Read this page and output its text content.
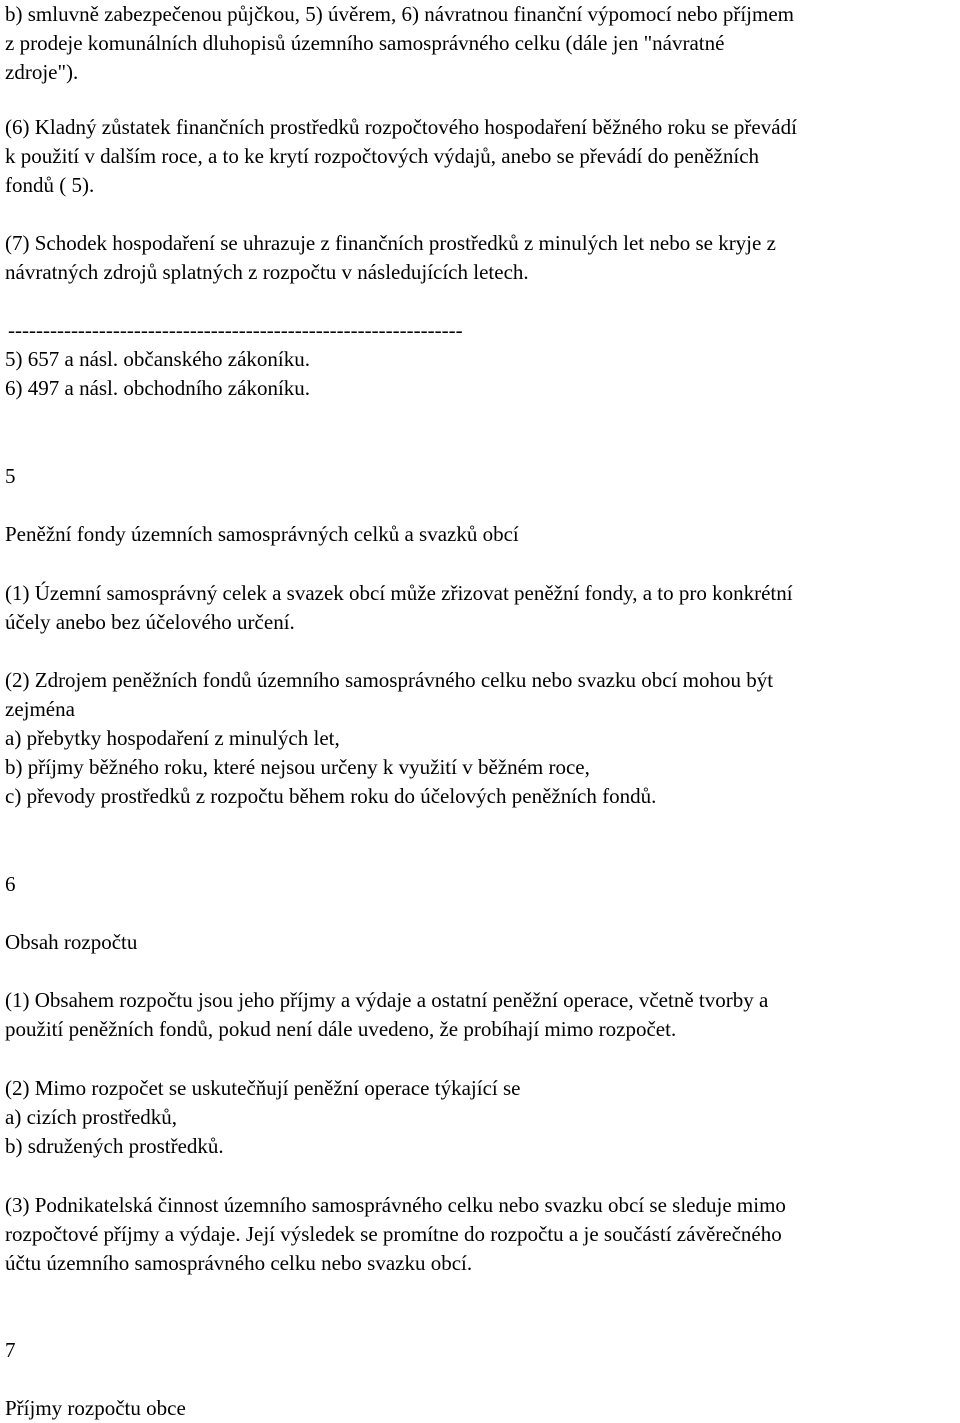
b) smluvně zabezpečenou půjčkou, 5) úvěrem, 6) návratnou finanční výpomocí nebo příjmem
z prodeje komunálních dluhopisů územního samosprávného celku (dále jen "návratné
zdroje").

(6) Kladný zůstatek finančních prostředků rozpočtového hospodaření běžného roku se převádí
k použití v dalším roce, a to ke krytí rozpočtových výdajů, anebo se převádí do peněžních
fondů ( 5).

(7) Schodek hospodaření se uhrazuje z finančních prostředků z minulých let nebo se kryje z
návratných zdrojů splatných z rozpočtu v následujících letech.

-----------------------------------------------------------------
5) 657 a násl. občanského zákoníku.
6) 497 a násl. obchodního zákoníku.

5

Peněžní fondy územních samosprávných celků a svazků obcí

(1) Územní samosprávný celek a svazek obcí může zřizovat peněžní fondy, a to pro konkrétní
účely anebo bez účelového určení.

(2) Zdrojem peněžních fondů územního samosprávného celku nebo svazku obcí mohou být
zejména
a) přebytky hospodaření z minulých let,
b) příjmy běžného roku, které nejsou určeny k využití v běžném roce,
c) převody prostředků z rozpočtu během roku do účelových peněžních fondů.

6

Obsah rozpočtu

(1) Obsahem rozpočtu jsou jeho příjmy a výdaje a ostatní peněžní operace, včetně tvorby a
použití peněžních fondů, pokud není dále uvedeno, že probíhají mimo rozpočet.

(2) Mimo rozpočet se uskutečňují peněžní operace týkající se
a) cizích prostředků,
b) sdružených prostředků.

(3) Podnikatelská činnost územního samosprávného celku nebo svazku obcí se sleduje mimo
rozpočtové příjmy a výdaje. Její výsledek se promítne do rozpočtu a je součástí závěrečného
účtu územního samosprávného celku nebo svazku obcí.

7

Příjmy rozpočtu obce
